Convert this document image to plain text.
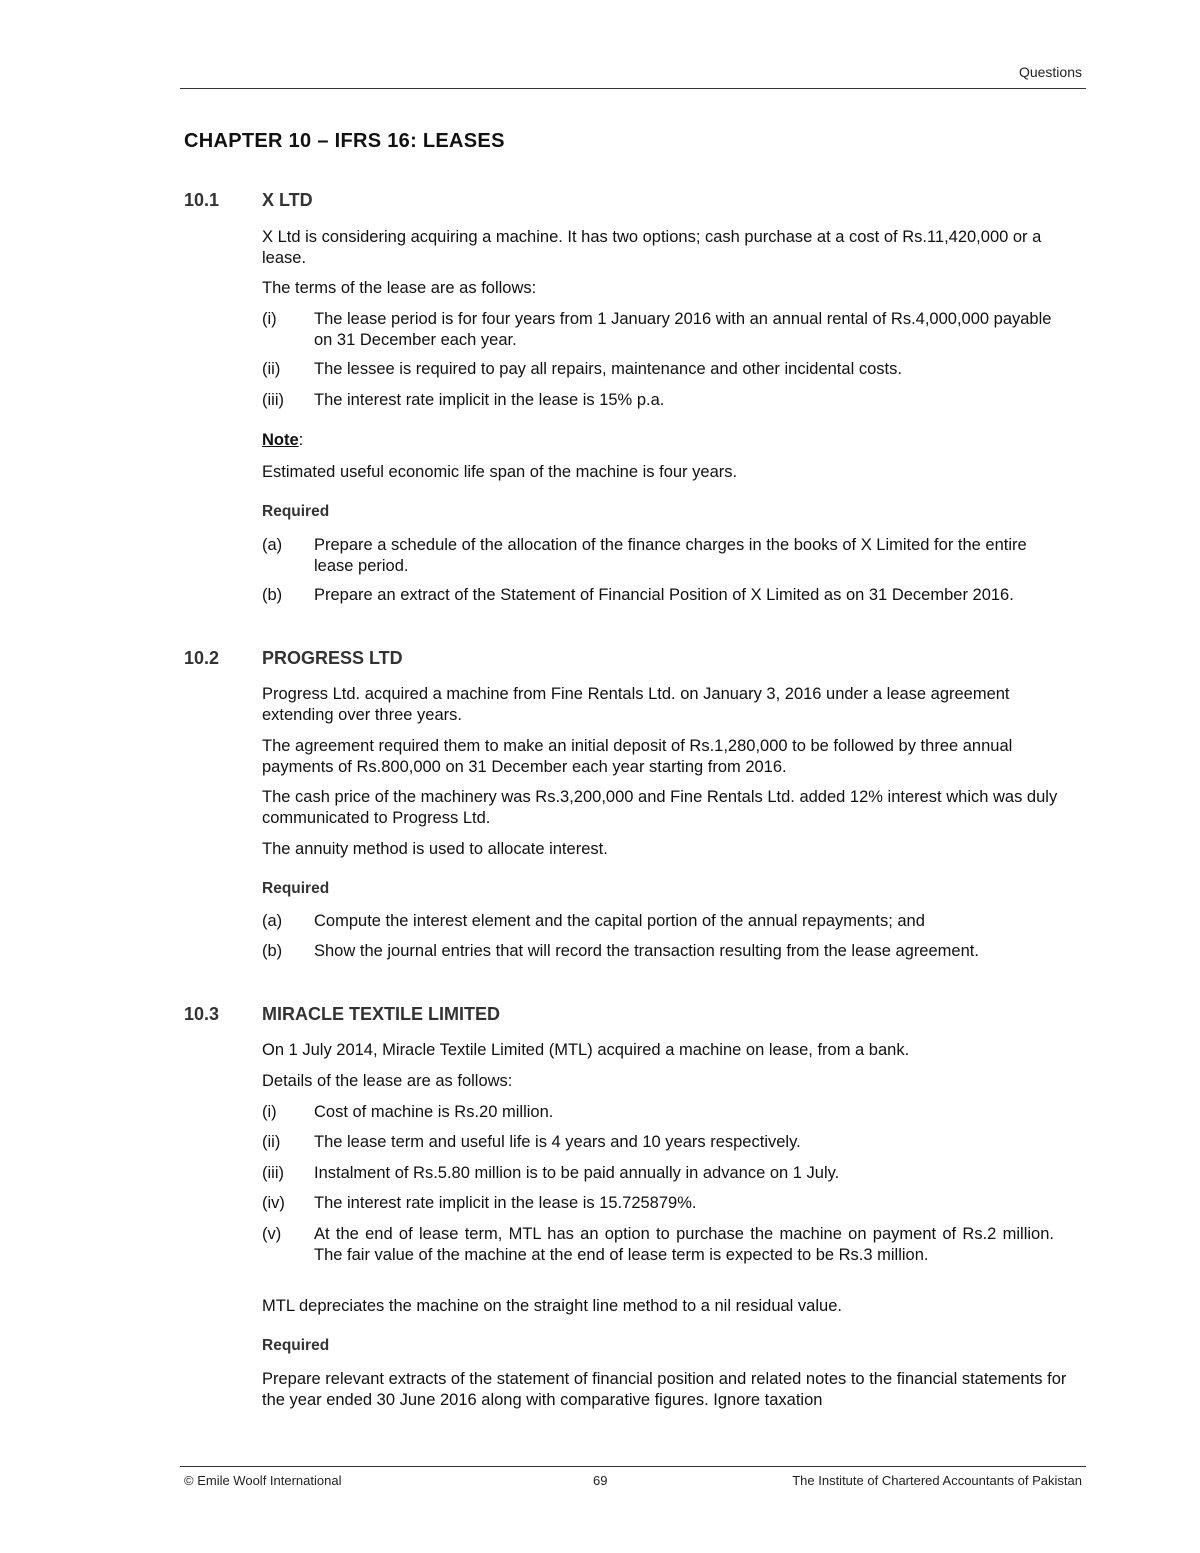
Questions
CHAPTER 10 – IFRS 16: LEASES
10.1 X LTD
X Ltd is considering acquiring a machine. It has two options; cash purchase at a cost of Rs.11,420,000 or a lease.
The terms of the lease are as follows:
(i) The lease period is for four years from 1 January 2016 with an annual rental of Rs.4,000,000 payable on 31 December each year.
(ii) The lessee is required to pay all repairs, maintenance and other incidental costs.
(iii) The interest rate implicit in the lease is 15% p.a.
Note:
Estimated useful economic life span of the machine is four years.
Required
(a) Prepare a schedule of the allocation of the finance charges in the books of X Limited for the entire lease period.
(b) Prepare an extract of the Statement of Financial Position of X Limited as on 31 December 2016.
10.2 PROGRESS LTD
Progress Ltd. acquired a machine from Fine Rentals Ltd. on January 3, 2016 under a lease agreement extending over three years.
The agreement required them to make an initial deposit of Rs.1,280,000 to be followed by three annual payments of Rs.800,000 on 31 December each year starting from 2016.
The cash price of the machinery was Rs.3,200,000 and Fine Rentals Ltd. added 12% interest which was duly communicated to Progress Ltd.
The annuity method is used to allocate interest.
Required
(a) Compute the interest element and the capital portion of the annual repayments; and
(b) Show the journal entries that will record the transaction resulting from the lease agreement.
10.3 MIRACLE TEXTILE LIMITED
On 1 July 2014, Miracle Textile Limited (MTL) acquired a machine on lease, from a bank.
Details of the lease are as follows:
(i) Cost of machine is Rs.20 million.
(ii) The lease term and useful life is 4 years and 10 years respectively.
(iii) Instalment of Rs.5.80 million is to be paid annually in advance on 1 July.
(iv) The interest rate implicit in the lease is 15.725879%.
(v) At the end of lease term, MTL has an option to purchase the machine on payment of Rs.2 million. The fair value of the machine at the end of lease term is expected to be Rs.3 million.
MTL depreciates the machine on the straight line method to a nil residual value.
Required
Prepare relevant extracts of the statement of financial position and related notes to the financial statements for the year ended 30 June 2016 along with comparative figures. Ignore taxation
© Emile Woolf International	69	The Institute of Chartered Accountants of Pakistan
